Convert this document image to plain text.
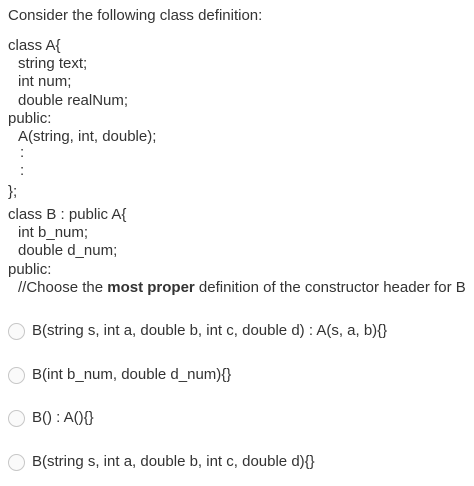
Consider the following class definition:
class A{
string text;
int num;
double realNum;
public:
A(string, int, double);
:
:
};
class B : public A{
int b_num;
double d_num;
public:
//Choose the most proper definition of the constructor header for B
B(string s, int a, double b, int c, double d) : A(s, a, b){}
B(int b_num, double d_num){}
B() : A(){}
B(string s, int a, double b, int c, double d){}
